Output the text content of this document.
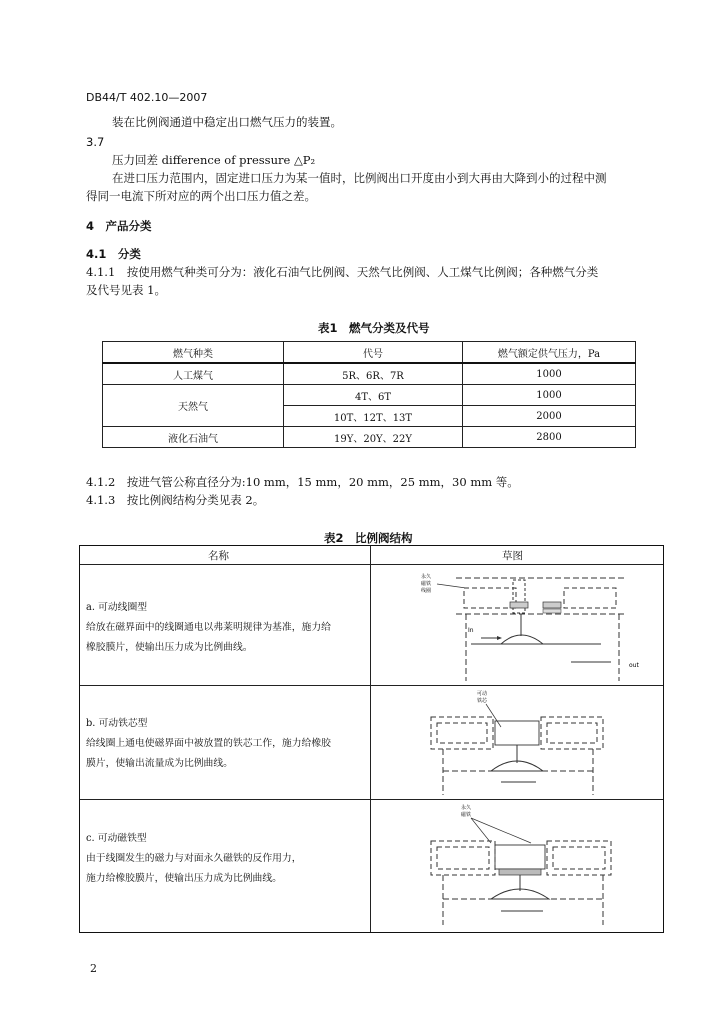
DB44/T 402.10—2007
装在比例阀通道中稳定出口燃气压力的装置。
3.7
压力回差 difference of pressure △P₂
在进口压力范围内，固定进口压力为某一值时，比例阀出口开度由小到大再由大降到小的过程中测
得同一电流下所对应的两个出口压力值之差。
4　产品分类
4.1　分类
4.1.1　按使用燃气种类可分为：液化石油气比例阀、天然气比例阀、人工煤气比例阀；各种燃气分类
及代号见表 1。
表1　燃气分类及代号
燃气种类	代号	燃气额定供气压力，Pa
人工煤气	5R、6R、7R	1000
天然气	4T、6T	1000
	10T、12T、13T	2000
液化石油气	19Y、20Y、22Y	2800
4.1.2　按进气管公称直径分为:10 mm，15 mm，20 mm，25 mm，30 mm 等。
4.1.3　按比例阀结构分类见表 2。
表2　比例阀结构
名称	草图
a. 可动线圈型
给放在磁界面中的线圈通电以弗莱明规律为基准，施力给
橡胶膜片，使输出压力成为比例曲线。
永久
磁铁
线圈
In
out
b. 可动铁芯型
给线圈上通电使磁界面中被放置的铁芯工作，施力给橡胶
膜片，使输出流量成为比例曲线。
可动
铁芯
c. 可动磁铁型
由于线圈发生的磁力与对面永久磁铁的反作用力，
施力给橡胶膜片，使输出压力成为比例曲线。
永久
磁铁
2
